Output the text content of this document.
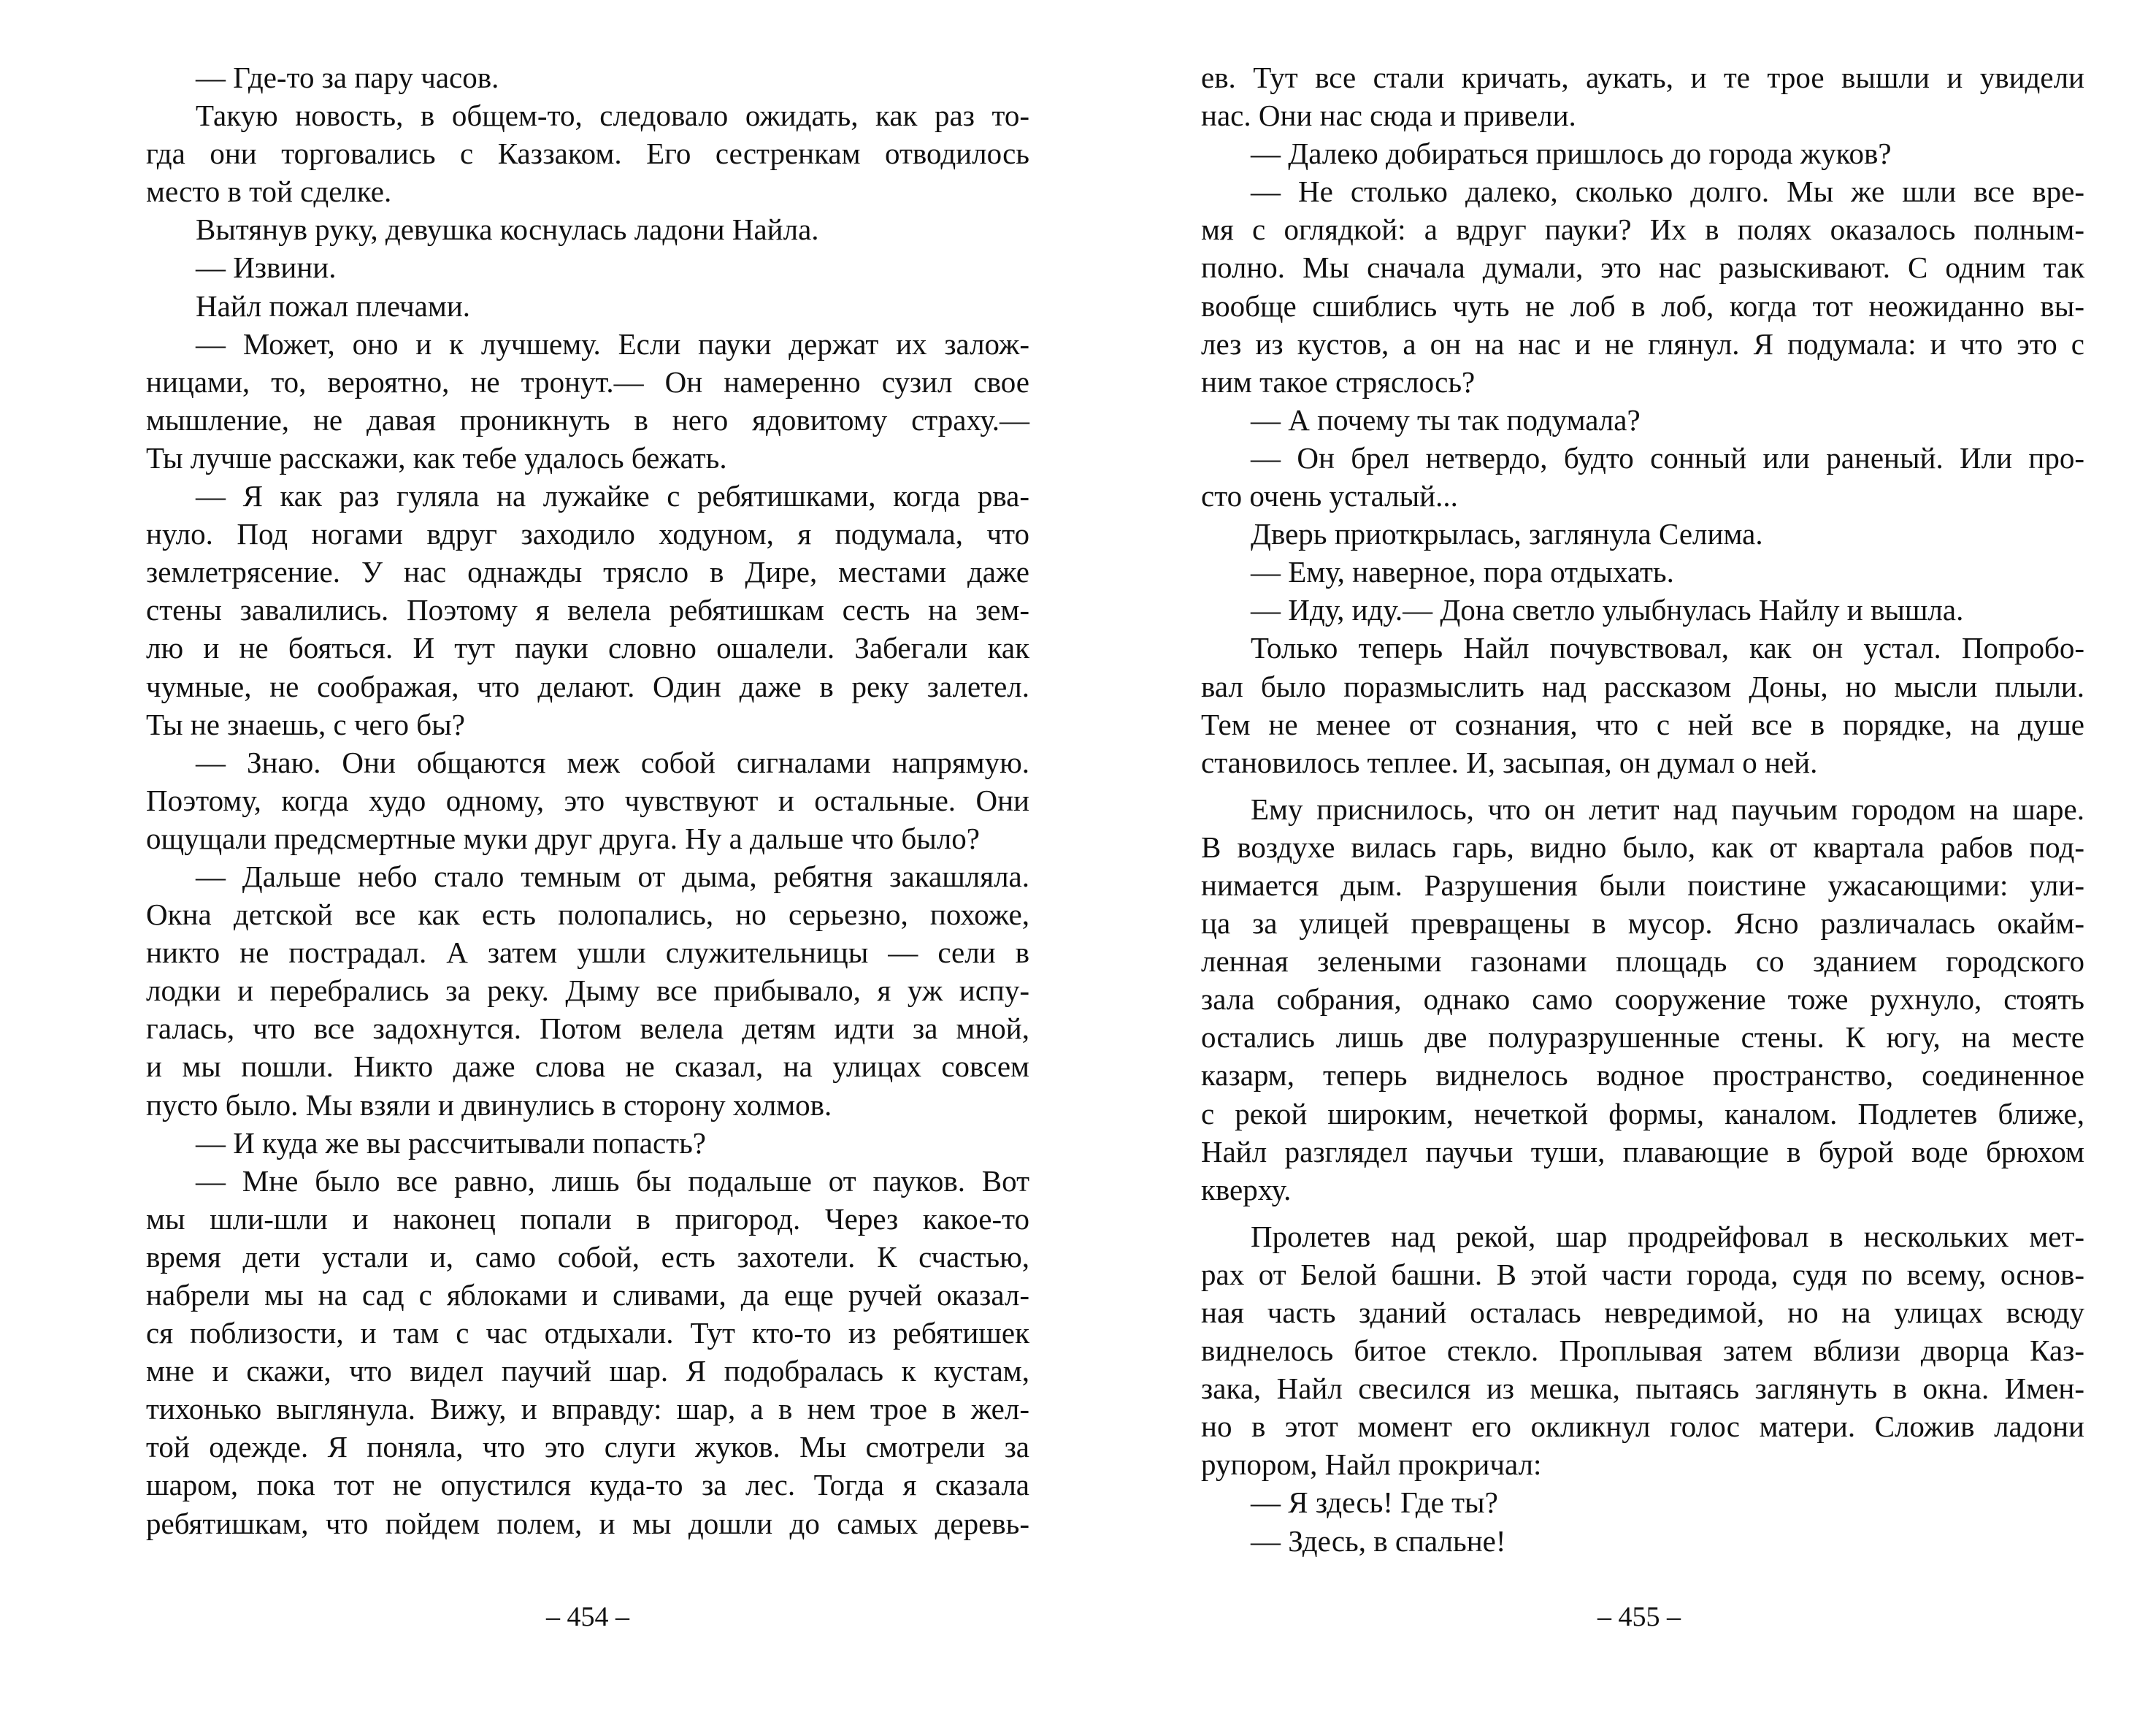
— Где-то за пару часов.
Такую новость, в общем-то, следовало ожидать, как раз то-
гда они торговались с Каззаком. Его сестренкам отводилось
место в той сделке.
Вытянув руку, девушка коснулась ладони Найла.
— Извини.
Найл пожал плечами.
— Может, оно и к лучшему. Если пауки держат их залож-
ницами, то, вероятно, не тронут.— Он намеренно сузил свое
мышление, не давая проникнуть в него ядовитому страху.—
Ты лучше расскажи, как тебе удалось бежать.
— Я как раз гуляла на лужайке с ребятишками, когда рва-
нуло. Под ногами вдруг заходило ходуном, я подумала, что
землетрясение. У нас однажды трясло в Дире, местами даже
стены завалились. Поэтому я велела ребятишкам сесть на зем-
лю и не бояться. И тут пауки словно ошалели. Забегали как
чумные, не соображая, что делают. Один даже в реку залетел.
Ты не знаешь, с чего бы?
— Знаю. Они общаются меж собой сигналами напрямую.
Поэтому, когда худо одному, это чувствуют и остальные. Они
ощущали предсмертные муки друг друга. Ну а дальше что было?
— Дальше небо стало темным от дыма, ребятня закашляла.
Окна детской все как есть полопались, но серьезно, похоже,
никто не пострадал. А затем ушли служительницы — сели в
лодки и перебрались за реку. Дыму все прибывало, я уж испу-
галась, что все задохнутся. Потом велела детям идти за мной,
и мы пошли. Никто даже слова не сказал, на улицах совсем
пусто было. Мы взяли и двинулись в сторону холмов.
— И куда же вы рассчитывали попасть?
— Мне было все равно, лишь бы подальше от пауков. Вот
мы шли-шли и наконец попали в пригород. Через какое-то
время дети устали и, само собой, есть захотели. К счастью,
набрели мы на сад с яблоками и сливами, да еще ручей оказал-
ся поблизости, и там с час отдыхали. Тут кто-то из ребятишек
мне и скажи, что видел паучий шар. Я подобралась к кустам,
тихонько выглянула. Вижу, и вправду: шар, а в нем трое в жел-
той одежде. Я поняла, что это слуги жуков. Мы смотрели за
шаром, пока тот не опустился куда-то за лес. Тогда я сказала
ребятишкам, что пойдем полем, и мы дошли до самых деревь-
– 454 –
ев. Тут все стали кричать, аукать, и те трое вышли и увидели
нас. Они нас сюда и привели.
— Далеко добираться пришлось до города жуков?
— Не столько далеко, сколько долго. Мы же шли все вре-
мя с оглядкой: а вдруг пауки? Их в полях оказалось полным-
полно. Мы сначала думали, это нас разыскивают. С одним так
вообще сшиблись чуть не лоб в лоб, когда тот неожиданно вы-
лез из кустов, а он на нас и не глянул. Я подумала: и что это с
ним такое стряслось?
— А почему ты так подумала?
— Он брел нетвердо, будто сонный или раненый. Или про-
сто очень усталый...
Дверь приоткрылась, заглянула Селима.
— Ему, наверное, пора отдыхать.
— Иду, иду.— Дона светло улыбнулась Найлу и вышла.
Только теперь Найл почувствовал, как он устал. Попробо-
вал было поразмыслить над рассказом Доны, но мысли плыли.
Тем не менее от сознания, что с ней все в порядке, на душе
становилось теплее. И, засыпая, он думал о ней.
Ему приснилось, что он летит над паучьим городом на шаре.
В воздухе вилась гарь, видно было, как от квартала рабов под-
нимается дым. Разрушения были поистине ужасающими: ули-
ца за улицей превращены в мусор. Ясно различалась окайм-
ленная зелеными газонами площадь со зданием городского
зала собрания, однако само сооружение тоже рухнуло, стоять
остались лишь две полуразрушенные стены. К югу, на месте
казарм, теперь виднелось водное пространство, соединенное
с рекой широким, нечеткой формы, каналом. Подлетев ближе,
Найл разглядел паучьи туши, плавающие в бурой воде брюхом
кверху.
Пролетев над рекой, шар продрейфовал в нескольких мет-
рах от Белой башни. В этой части города, судя по всему, основ-
ная часть зданий осталась невредимой, но на улицах всюду
виднелось битое стекло. Проплывая затем вблизи дворца Каз-
зака, Найл свесился из мешка, пытаясь заглянуть в окна. Имен-
но в этот момент его окликнул голос матери. Сложив ладони
рупором, Найл прокричал:
— Я здесь! Где ты?
— Здесь, в спальне!
– 455 –
